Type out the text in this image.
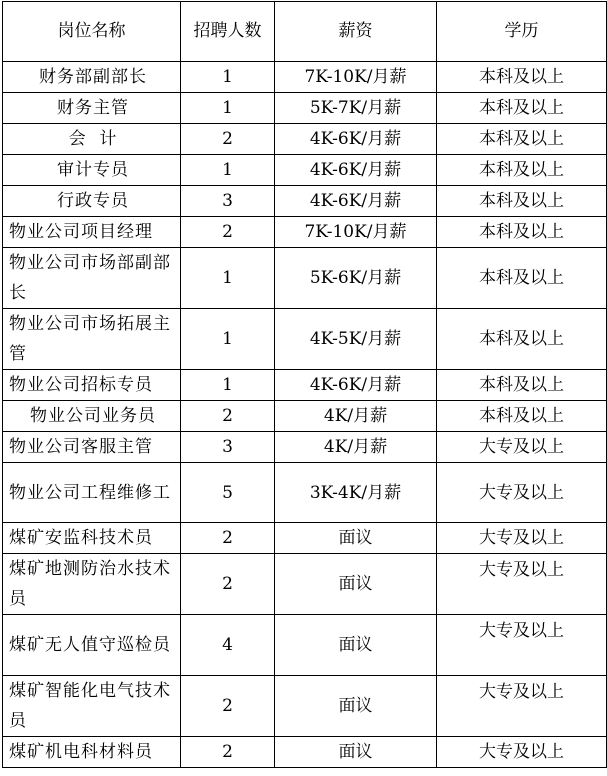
岗位名称	招聘人数	薪资	学历
财务部副部长	1	7K-10K/月薪	本科及以上
财务主管	1	5K-7K/月薪	本科及以上
会  计	2	4K-6K/月薪	本科及以上
审计专员	1	4K-6K/月薪	本科及以上
行政专员	3	4K-6K/月薪	本科及以上
物业公司项目经理	2	7K-10K/月薪	本科及以上
物业公司市场部副部长	1	5K-6K/月薪	本科及以上
物业公司市场拓展主管	1	4K-5K/月薪	本科及以上
物业公司招标专员	1	4K-6K/月薪	本科及以上
物业公司业务员	2	4K/月薪	本科及以上
物业公司客服主管	3	4K/月薪	大专及以上
物业公司工程维修工	5	3K-4K/月薪	大专及以上
煤矿安监科技术员	2	面议	大专及以上
煤矿地测防治水技术员	2	面议	大专及以上
煤矿无人值守巡检员	4	面议	大专及以上
煤矿智能化电气技术员	2	面议	大专及以上
煤矿机电科材料员	2	面议	大专及以上
